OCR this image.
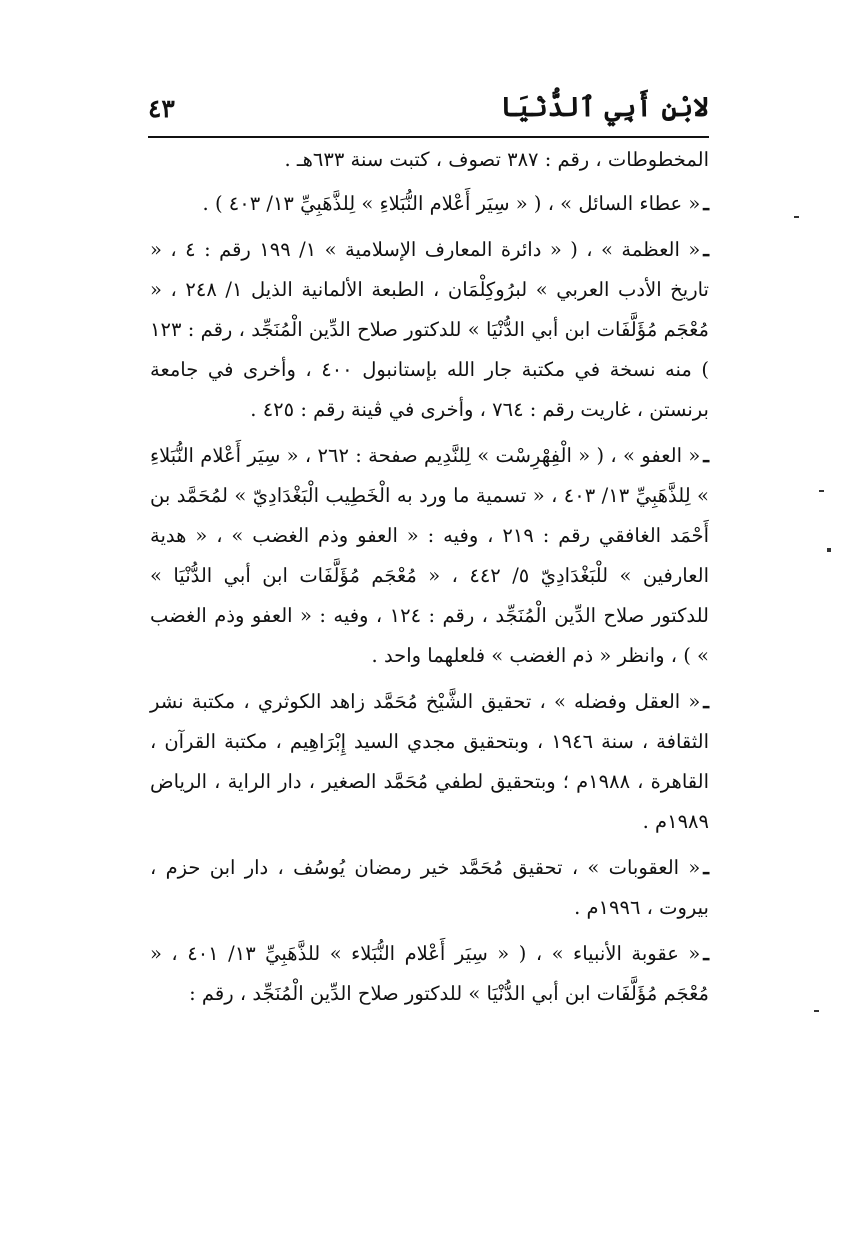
لابْنِ أَبِي ٱلدُّنْيَا
٤٣

المخطوطات ، رقم : ٣٨٧ تصوف ، كتبت سنة ٦٣٣هـ .

ـ« عطاء السائل » ، ( « سِيَر أَعْلام النُّبَلاءِ » لِلذَّهَبِيِّ ١٣/ ٤٠٣ ) .

ـ« العظمة » ، ( « دائرة المعارف الإسلامية » ١/ ١٩٩ رقم : ٤ ، « تاريخ الأدب العربي » لبرُوكِلْمَان ، الطبعة الألمانية الذيل ١/ ٢٤٨ ، « مُعْجَم مُؤَلَّفَات ابن أبي الدُّنْيَا » للدكتور صلاح الدِّين الْمُنَجِّد ، رقم : ١٢٣ ) منه نسخة في مكتبة جار الله بإستانبول ٤٠٠ ، وأخرى في جامعة برنستن ، غاريت رقم : ٧٦٤ ، وأخرى في ڤينة رقم : ٤٢٥ .

ـ« العفو » ، ( « الْفِهْرِسْت » لِلنَّدِيم صفحة : ٢٦٢ ، « سِيَر أَعْلام النُّبَلاءِ » لِلذَّهَبِيِّ ١٣/ ٤٠٣ ، « تسمية ما ورد به الْخَطِيب الْبَغْدَادِيّ » لمُحَمَّد بن أَحْمَد الغافقي رقم : ٢١٩ ، وفيه : « العفو وذم الغضب » ، « هدية العارفين » للْبَغْدَادِيّ ٥/ ٤٤٢ ، « مُعْجَم مُؤَلَّفَات ابن أبي الدُّنْيَا » للدكتور صلاح الدِّين الْمُنَجِّد ، رقم : ١٢٤ ، وفيه : « العفو وذم الغضب » ) ، وانظر « ذم الغضب » فلعلهما واحد .

ـ« العقل وفضله » ، تحقيق الشَّيْخ مُحَمَّد زاهد الكوثري ، مكتبة نشر الثقافة ، سنة ١٩٤٦ ، وبتحقيق مجدي السيد إِبْرَاهِيم ، مكتبة القرآن ، القاهرة ، ١٩٨٨م ؛ وبتحقيق لطفي مُحَمَّد الصغير ، دار الراية ، الرياض ١٩٨٩م .

ـ« العقوبات » ، تحقيق مُحَمَّد خير رمضان يُوسُف ، دار ابن حزم ، بيروت ، ١٩٩٦م .

ـ« عقوبة الأنبياء » ، ( « سِيَر أَعْلام النُّبَلاء » للذَّهَبِيِّ ١٣/ ٤٠١ ، « مُعْجَم مُؤَلَّفَات ابن أبي الدُّنْيَا » للدكتور صلاح الدِّين الْمُنَجِّد ، رقم :
